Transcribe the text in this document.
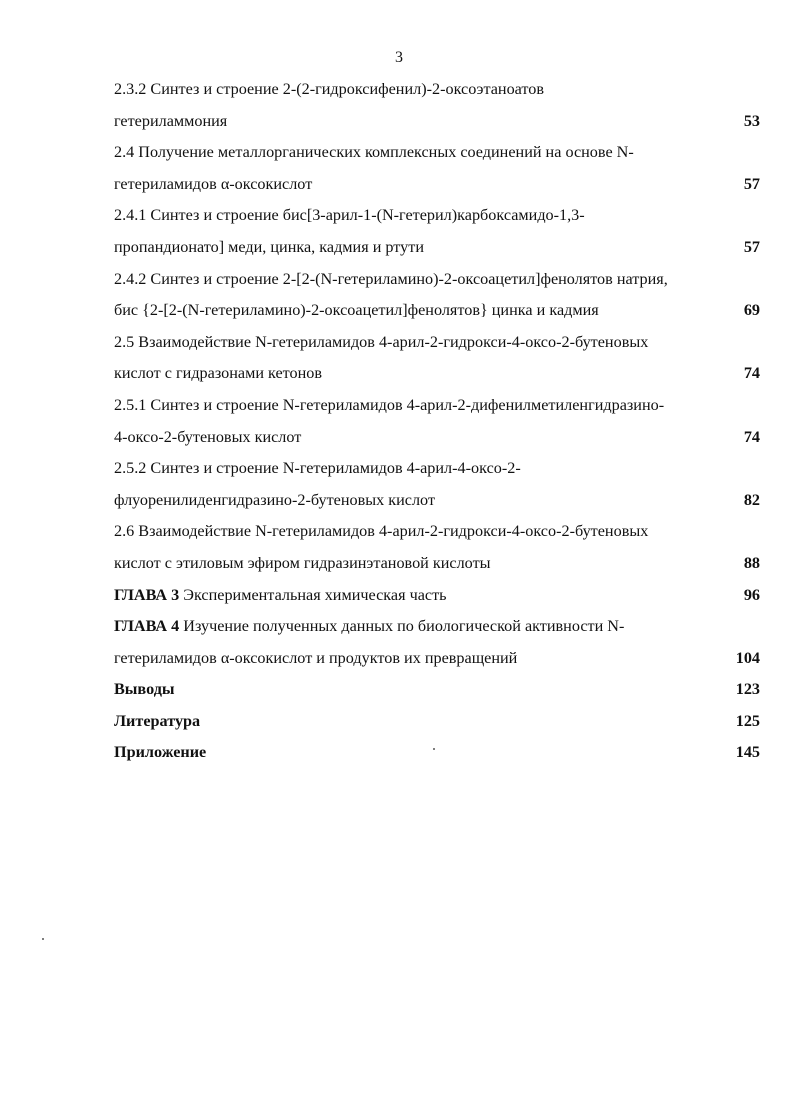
3
2.3.2 Синтез и строение 2-(2-гидроксифенил)-2-оксоэтаноатов
гетериламмония	53
2.4 Получение металлорганических комплексных соединений на основе N-
гетериламидов α-оксокислот	57
2.4.1 Синтез и строение бис[3-арил-1-(N-гетерил)карбоксамидо-1,3-
пропандионато] меди, цинка, кадмия и ртути	57
2.4.2 Синтез и строение 2-[2-(N-гетериламино)-2-оксоацетил]фенолятов натрия,
бис {2-[2-(N-гетериламино)-2-оксоацетил]фенолятов} цинка и кадмия	69
2.5 Взаимодействие N-гетериламидов 4-арил-2-гидрокси-4-оксо-2-бутеновых
кислот с гидразонами кетонов	74
2.5.1 Синтез и строение N-гетериламидов 4-арил-2-дифенилметиленгидразино-
4-оксо-2-бутеновых кислот	74
2.5.2 Синтез и строение N-гетериламидов 4-арил-4-оксо-2-
флуоренилиденгидразино-2-бутеновых кислот	82
2.6 Взаимодействие N-гетериламидов 4-арил-2-гидрокси-4-оксо-2-бутеновых
кислот с этиловым эфиром гидразинэтановой кислоты	88
ГЛАВА 3 Экспериментальная химическая часть	96
ГЛАВА 4 Изучение полученных данных по биологической активности N-
гетериламидов α-оксокислот и продуктов их превращений	104
Выводы	123
Литература	125
Приложение	145
